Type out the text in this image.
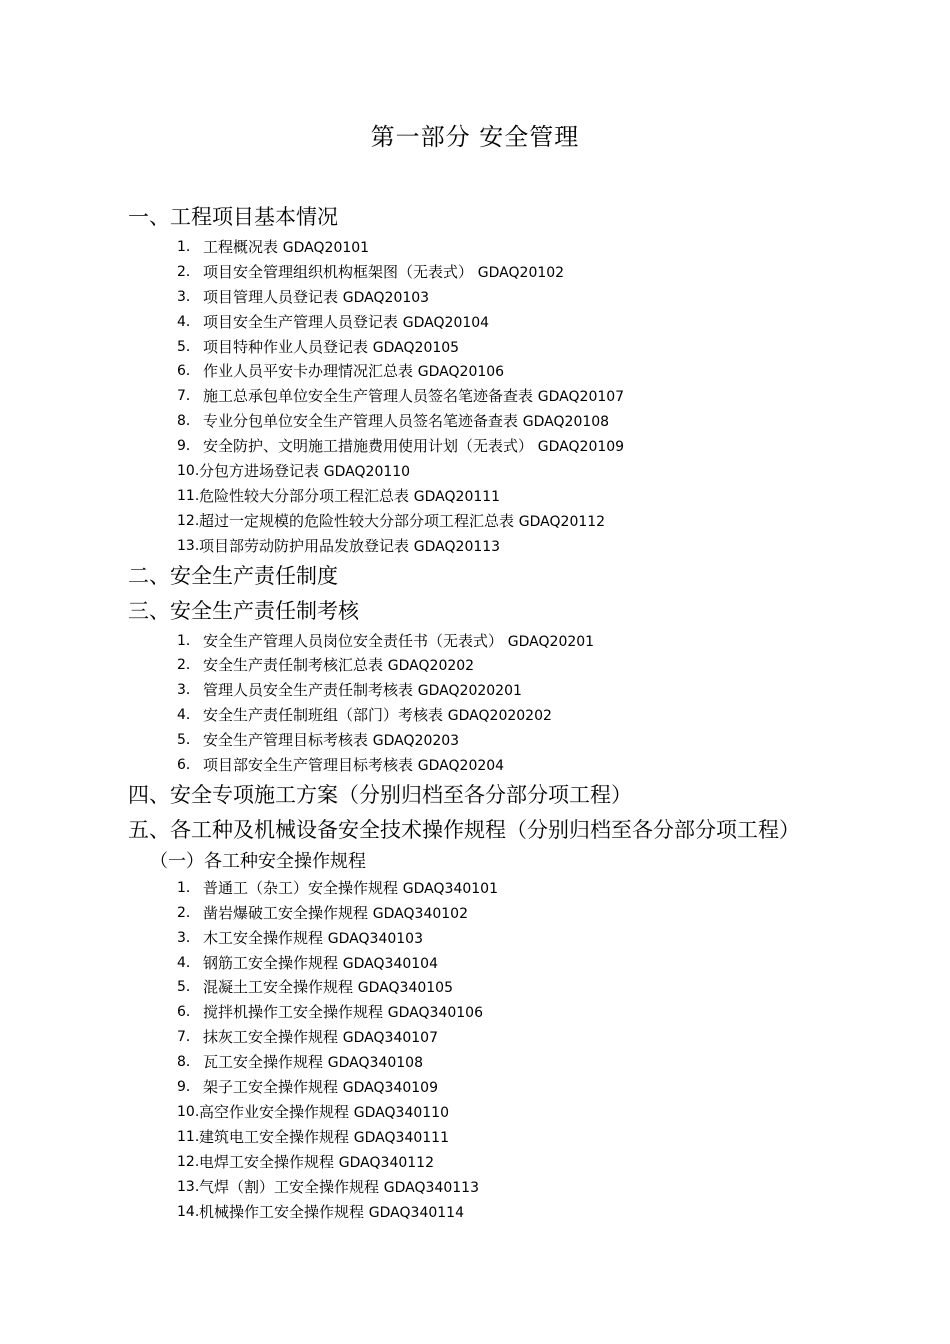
第一部分 安全管理
一、工程项目基本情况
1． 工程概况表 GDAQ20101
2． 项目安全管理组织机构框架图（无表式） GDAQ20102
3． 项目管理人员登记表 GDAQ20103
4． 项目安全生产管理人员登记表 GDAQ20104
5． 项目特种作业人员登记表 GDAQ20105
6． 作业人员平安卡办理情况汇总表 GDAQ20106
7． 施工总承包单位安全生产管理人员签名笔迹备查表 GDAQ20107
8． 专业分包单位安全生产管理人员签名笔迹备查表 GDAQ20108
9． 安全防护、文明施工措施费用使用计划（无表式） GDAQ20109
10. 分包方进场登记表 GDAQ20110
11. 危险性较大分部分项工程汇总表 GDAQ20111
12. 超过一定规模的危险性较大分部分项工程汇总表 GDAQ20112
13. 项目部劳动防护用品发放登记表 GDAQ20113
二、安全生产责任制度
三、安全生产责任制考核
1． 安全生产管理人员岗位安全责任书（无表式） GDAQ20201
2． 安全生产责任制考核汇总表 GDAQ20202
3． 管理人员安全生产责任制考核表 GDAQ2020201
4． 安全生产责任制班组（部门）考核表 GDAQ2020202
5． 安全生产管理目标考核表 GDAQ20203
6． 项目部安全生产管理目标考核表 GDAQ20204
四、安全专项施工方案（分别归档至各分部分项工程）
五、各工种及机械设备安全技术操作规程（分别归档至各分部分项工程）
（一）各工种安全操作规程
1． 普通工（杂工）安全操作规程 GDAQ340101
2． 凿岩爆破工安全操作规程 GDAQ340102
3． 木工安全操作规程 GDAQ340103
4． 钢筋工安全操作规程 GDAQ340104
5． 混凝土工安全操作规程 GDAQ340105
6． 搅拌机操作工安全操作规程 GDAQ340106
7． 抹灰工安全操作规程 GDAQ340107
8． 瓦工安全操作规程 GDAQ340108
9． 架子工安全操作规程 GDAQ340109
10. 高空作业安全操作规程 GDAQ340110
11. 建筑电工安全操作规程 GDAQ340111
12. 电焊工安全操作规程 GDAQ340112
13. 气焊（割）工安全操作规程 GDAQ340113
14. 机械操作工安全操作规程 GDAQ340114
